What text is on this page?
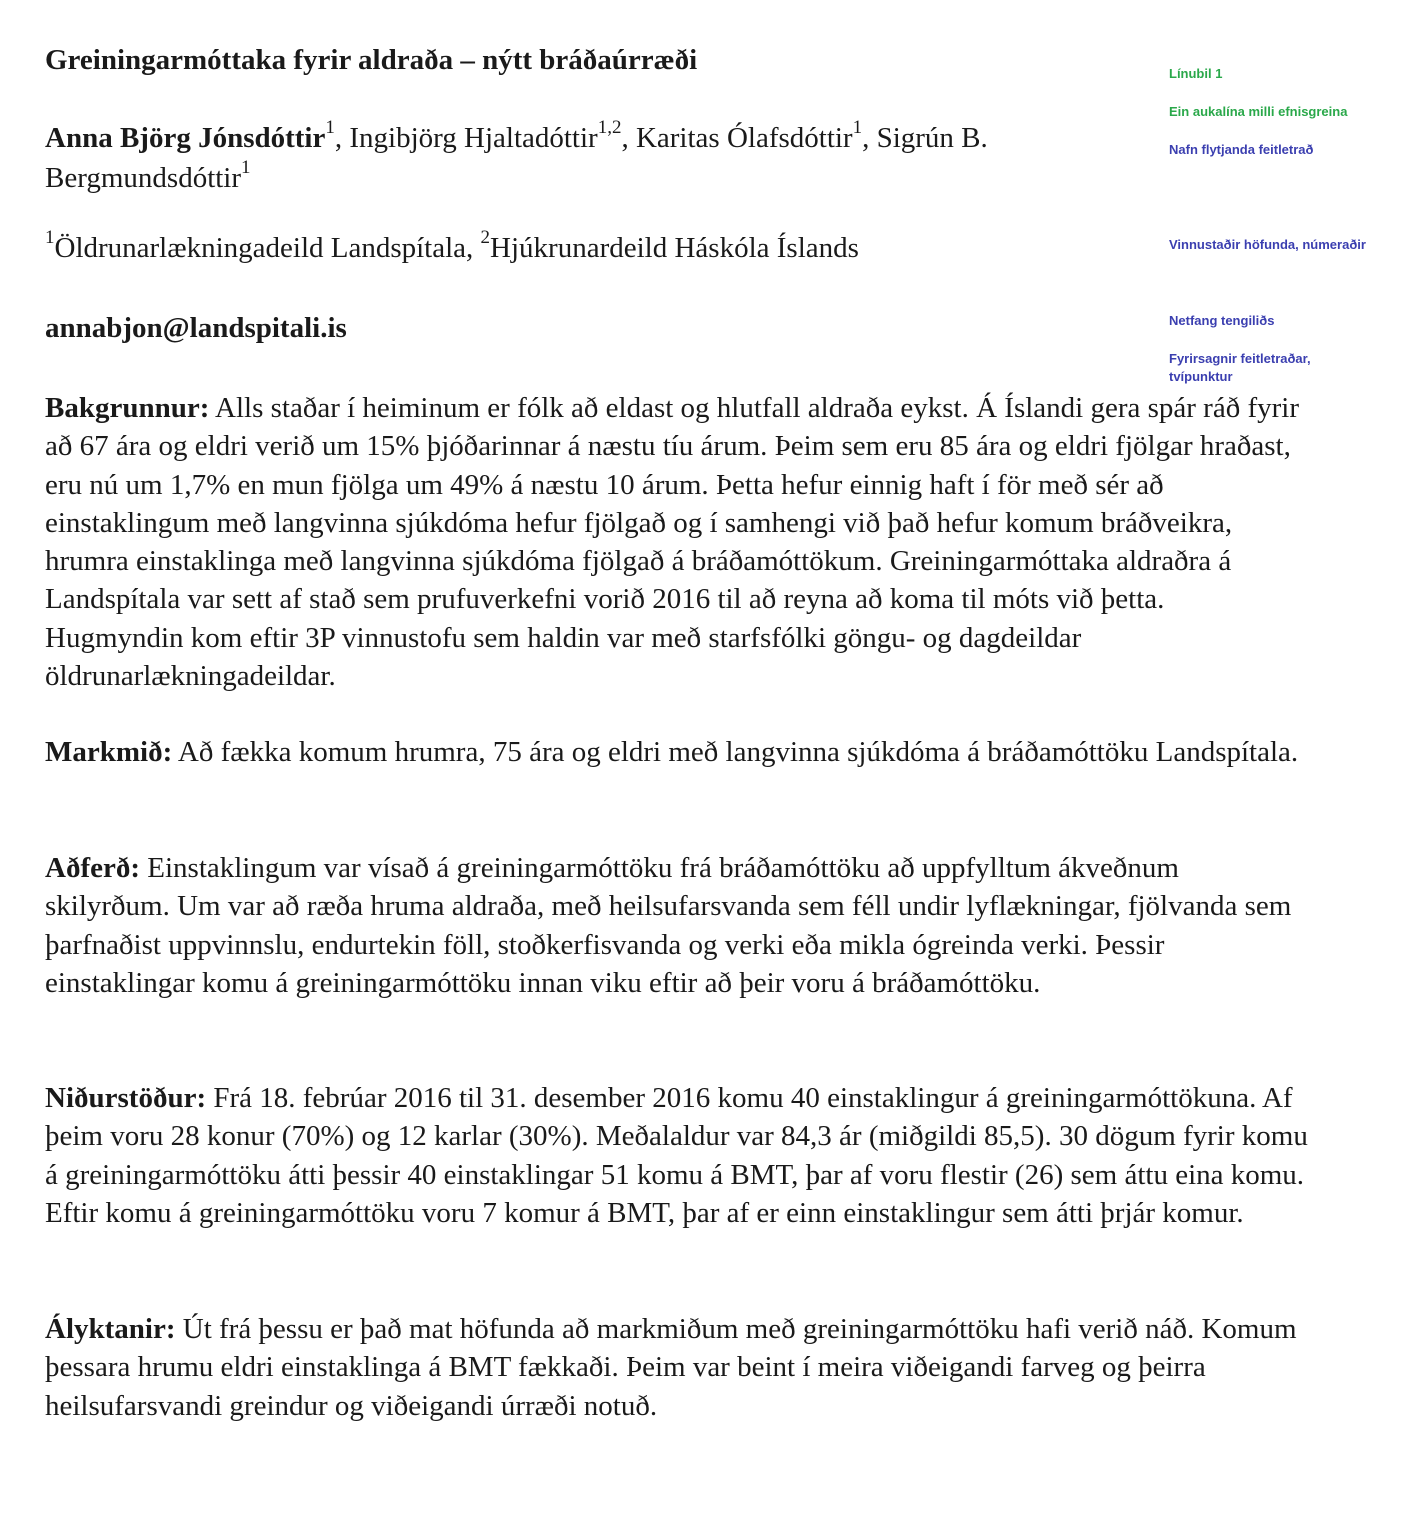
Greiningarmóttaka fyrir aldraða – nýtt bráðaúrræði
Anna Björg Jónsdóttir$^1$, Ingibjörg Hjaltadóttir$^{1,2}$, Karitas Ólafsdóttir$^1$, Sigrún B. Bergmundsdóttir$^1$
$^1$Öldrunarlækningadeild Landspítala, $^2$Hjúkrunardeild Háskóla Íslands
annabjon@landspitali.is
Bakgrunnur: Alls staðar í heiminum er fólk að eldast og hlutfall aldraða eykst. Á Íslandi gera spár ráð fyrir að 67 ára og eldri verið um 15% þjóðarinnar á næstu tíu árum. Þeim sem eru 85 ára og eldri fjölgar hraðast, eru nú um 1,7% en mun fjölga um 49% á næstu 10 árum. Þetta hefur einnig haft í för með sér að einstaklingum með langvinna sjúkdóma hefur fjölgað og í samhengi við það hefur komum bráðveikra, hrumra einstaklinga með langvinna sjúkdóma fjölgað á bráðamóttökum. Greiningarmóttaka aldraðra á Landspítala var sett af stað sem prufuverkefni vorið 2016 til að reyna að koma til móts við þetta. Hugmyndin kom eftir 3P vinnustofu sem haldin var með starfsfólki göngu- og dagdeildar öldrunarlækningadeildar.
Markmið: Að fækka komum hrumra, 75 ára og eldri með langvinna sjúkdóma á bráðamóttöku Landspítala.
Aðferð: Einstaklingum var vísað á greiningarmóttöku frá bráðamóttöku að uppfylltum ákveðnum skilyrðum. Um var að ræða hruma aldraða, með heilsufarsvanda sem féll undir lyflækningar, fjölvanda sem þarfnaðist uppvinnslu, endurtekin föll, stoðkerfisvanda og verki eða mikla ógreinda verki. Þessir einstaklingar komu á greiningarmóttöku innan viku eftir að þeir voru á bráðamóttöku.
Niðurstöður: Frá 18. febrúar 2016 til 31. desember 2016 komu 40 einstaklingur á greiningarmóttökuna. Af þeim voru 28 konur (70%) og 12 karlar (30%). Meðalaldur var 84,3 ár (miðgildi 85,5). 30 dögum fyrir komu á greiningarmóttöku átti þessir 40 einstaklingar 51 komu á BMT, þar af voru flestir (26) sem áttu eina komu. Eftir komu á greiningarmóttöku voru 7 komur á BMT, þar af er einn einstaklingur sem átti þrjár komur.
Ályktanir: Út frá þessu er það mat höfunda að markmiðum með greiningarmóttöku hafi verið náð. Komum þessara hrumu eldri einstaklinga á BMT fækkaði. Þeim var beint í meira viðeigandi farveg og þeirra heilsufarsvandi greindur og viðeigandi úrræði notuð.
Línubil 1
Ein aukalína milli efnisgreina
Nafn flytjanda feitletrað
Vinnustaðir höfunda, númeraðir
Netfang tengiliðs
Fyrirsagnir feitletraðar, tvípunktur
